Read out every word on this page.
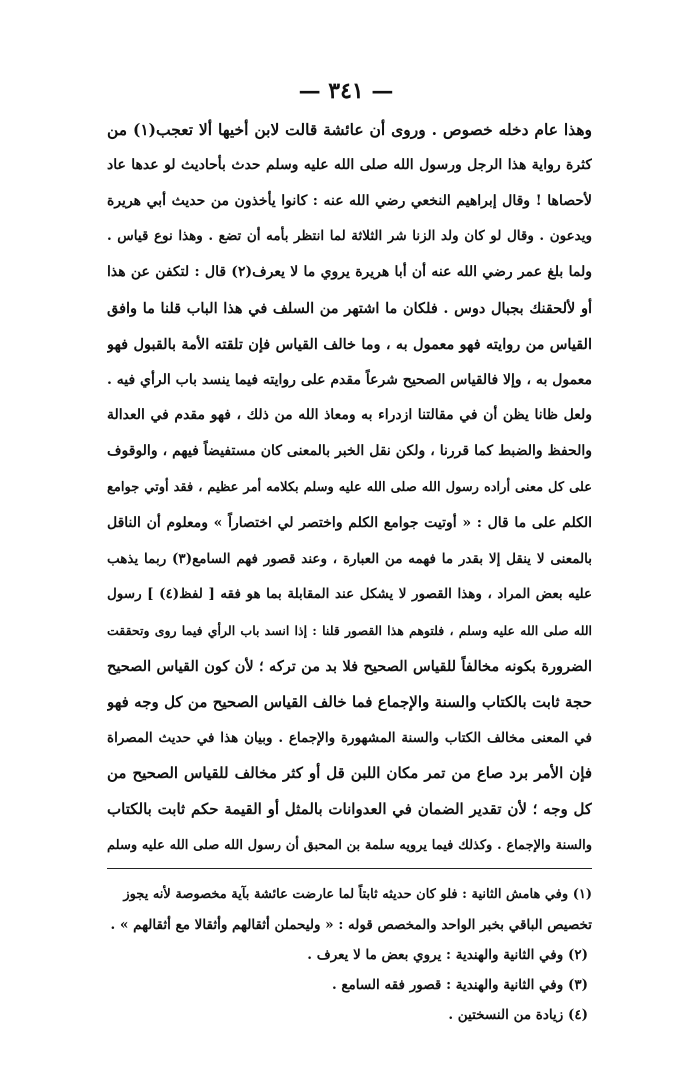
— ٣٤١ —
وهذا عام دخله خصوص . وروى أن عائشة قالت لابن أخيها ألا تعجب(١) من
كثرة رواية هذا الرجل ورسول الله صلى الله عليه وسلم حدث بأحاديث لو عدها عاد
لأحصاها ! وقال إبراهيم النخعي رضي الله عنه : كانوا يأخذون من حديث أبي هريرة
ويدعون . وقال لو كان ولد الزنا شر الثلاثة لما انتظر بأمه أن تضع . وهذا نوع قياس .
ولما بلغ عمر رضي الله عنه أن أبا هريرة يروي ما لا يعرف(٢) قال : لتكفن عن هذا
أو لألحقنك بجبال دوس . فلكان ما اشتهر من السلف في هذا الباب قلنا ما وافق
القياس من روايته فهو معمول به ، وما خالف القياس فإن تلقته الأمة بالقبول فهو
معمول به ، وإلا فالقياس الصحيح شرعاً مقدم على روايته فيما ينسد باب الرأي فيه .
ولعل ظانا يظن أن في مقالتنا ازدراء به ومعاذ الله من ذلك ، فهو مقدم في العدالة
والحفظ والضبط كما قررنا ، ولكن نقل الخبر بالمعنى كان مستفيضاً فيهم ، والوقوف
على كل معنى أراده رسول الله صلى الله عليه وسلم بكلامه أمر عظيم ، فقد أوتي جوامع
الكلم على ما قال : « أوتيت جوامع الكلم واختصر لي اختصاراً » ومعلوم أن الناقل
بالمعنى لا ينقل إلا بقدر ما فهمه من العبارة ، وعند قصور فهم السامع(٣) ربما يذهب
عليه بعض المراد ، وهذا القصور لا يشكل عند المقابلة بما هو فقه [ لفظ(٤) ] رسول
الله صلى الله عليه وسلم ، فلتوهم هذا القصور قلنا : إذا انسد باب الرأي فيما روى وتحققت
الضرورة بكونه مخالفاً للقياس الصحيح فلا بد من تركه ؛ لأن كون القياس الصحيح
حجة ثابت بالكتاب والسنة والإجماع فما خالف القياس الصحيح من كل وجه فهو
في المعنى مخالف الكتاب والسنة المشهورة والإجماع . وبيان هذا في حديث المصراة
فإن الأمر برد صاع من تمر مكان اللبن قل أو كثر مخالف للقياس الصحيح من
كل وجه ؛ لأن تقدير الضمان في العدوانات بالمثل أو القيمة حكم ثابت بالكتاب
والسنة والإجماع . وكذلك فيما يرويه سلمة بن المحبق أن رسول الله صلى الله عليه وسلم
(١) وفي هامش الثانية : فلو كان حديثه ثابتاً لما عارضت عائشة بآية مخصوصة لأنه يجوز
تخصيص الباقي بخبر الواحد والمخصص قوله : « وليحملن أثقالهم وأثقالا مع أثقالهم » .
(٢) وفي الثانية والهندية : يروي بعض ما لا يعرف .
(٣) وفي الثانية والهندية : قصور فقه السامع .
(٤) زيادة من النسختين .
